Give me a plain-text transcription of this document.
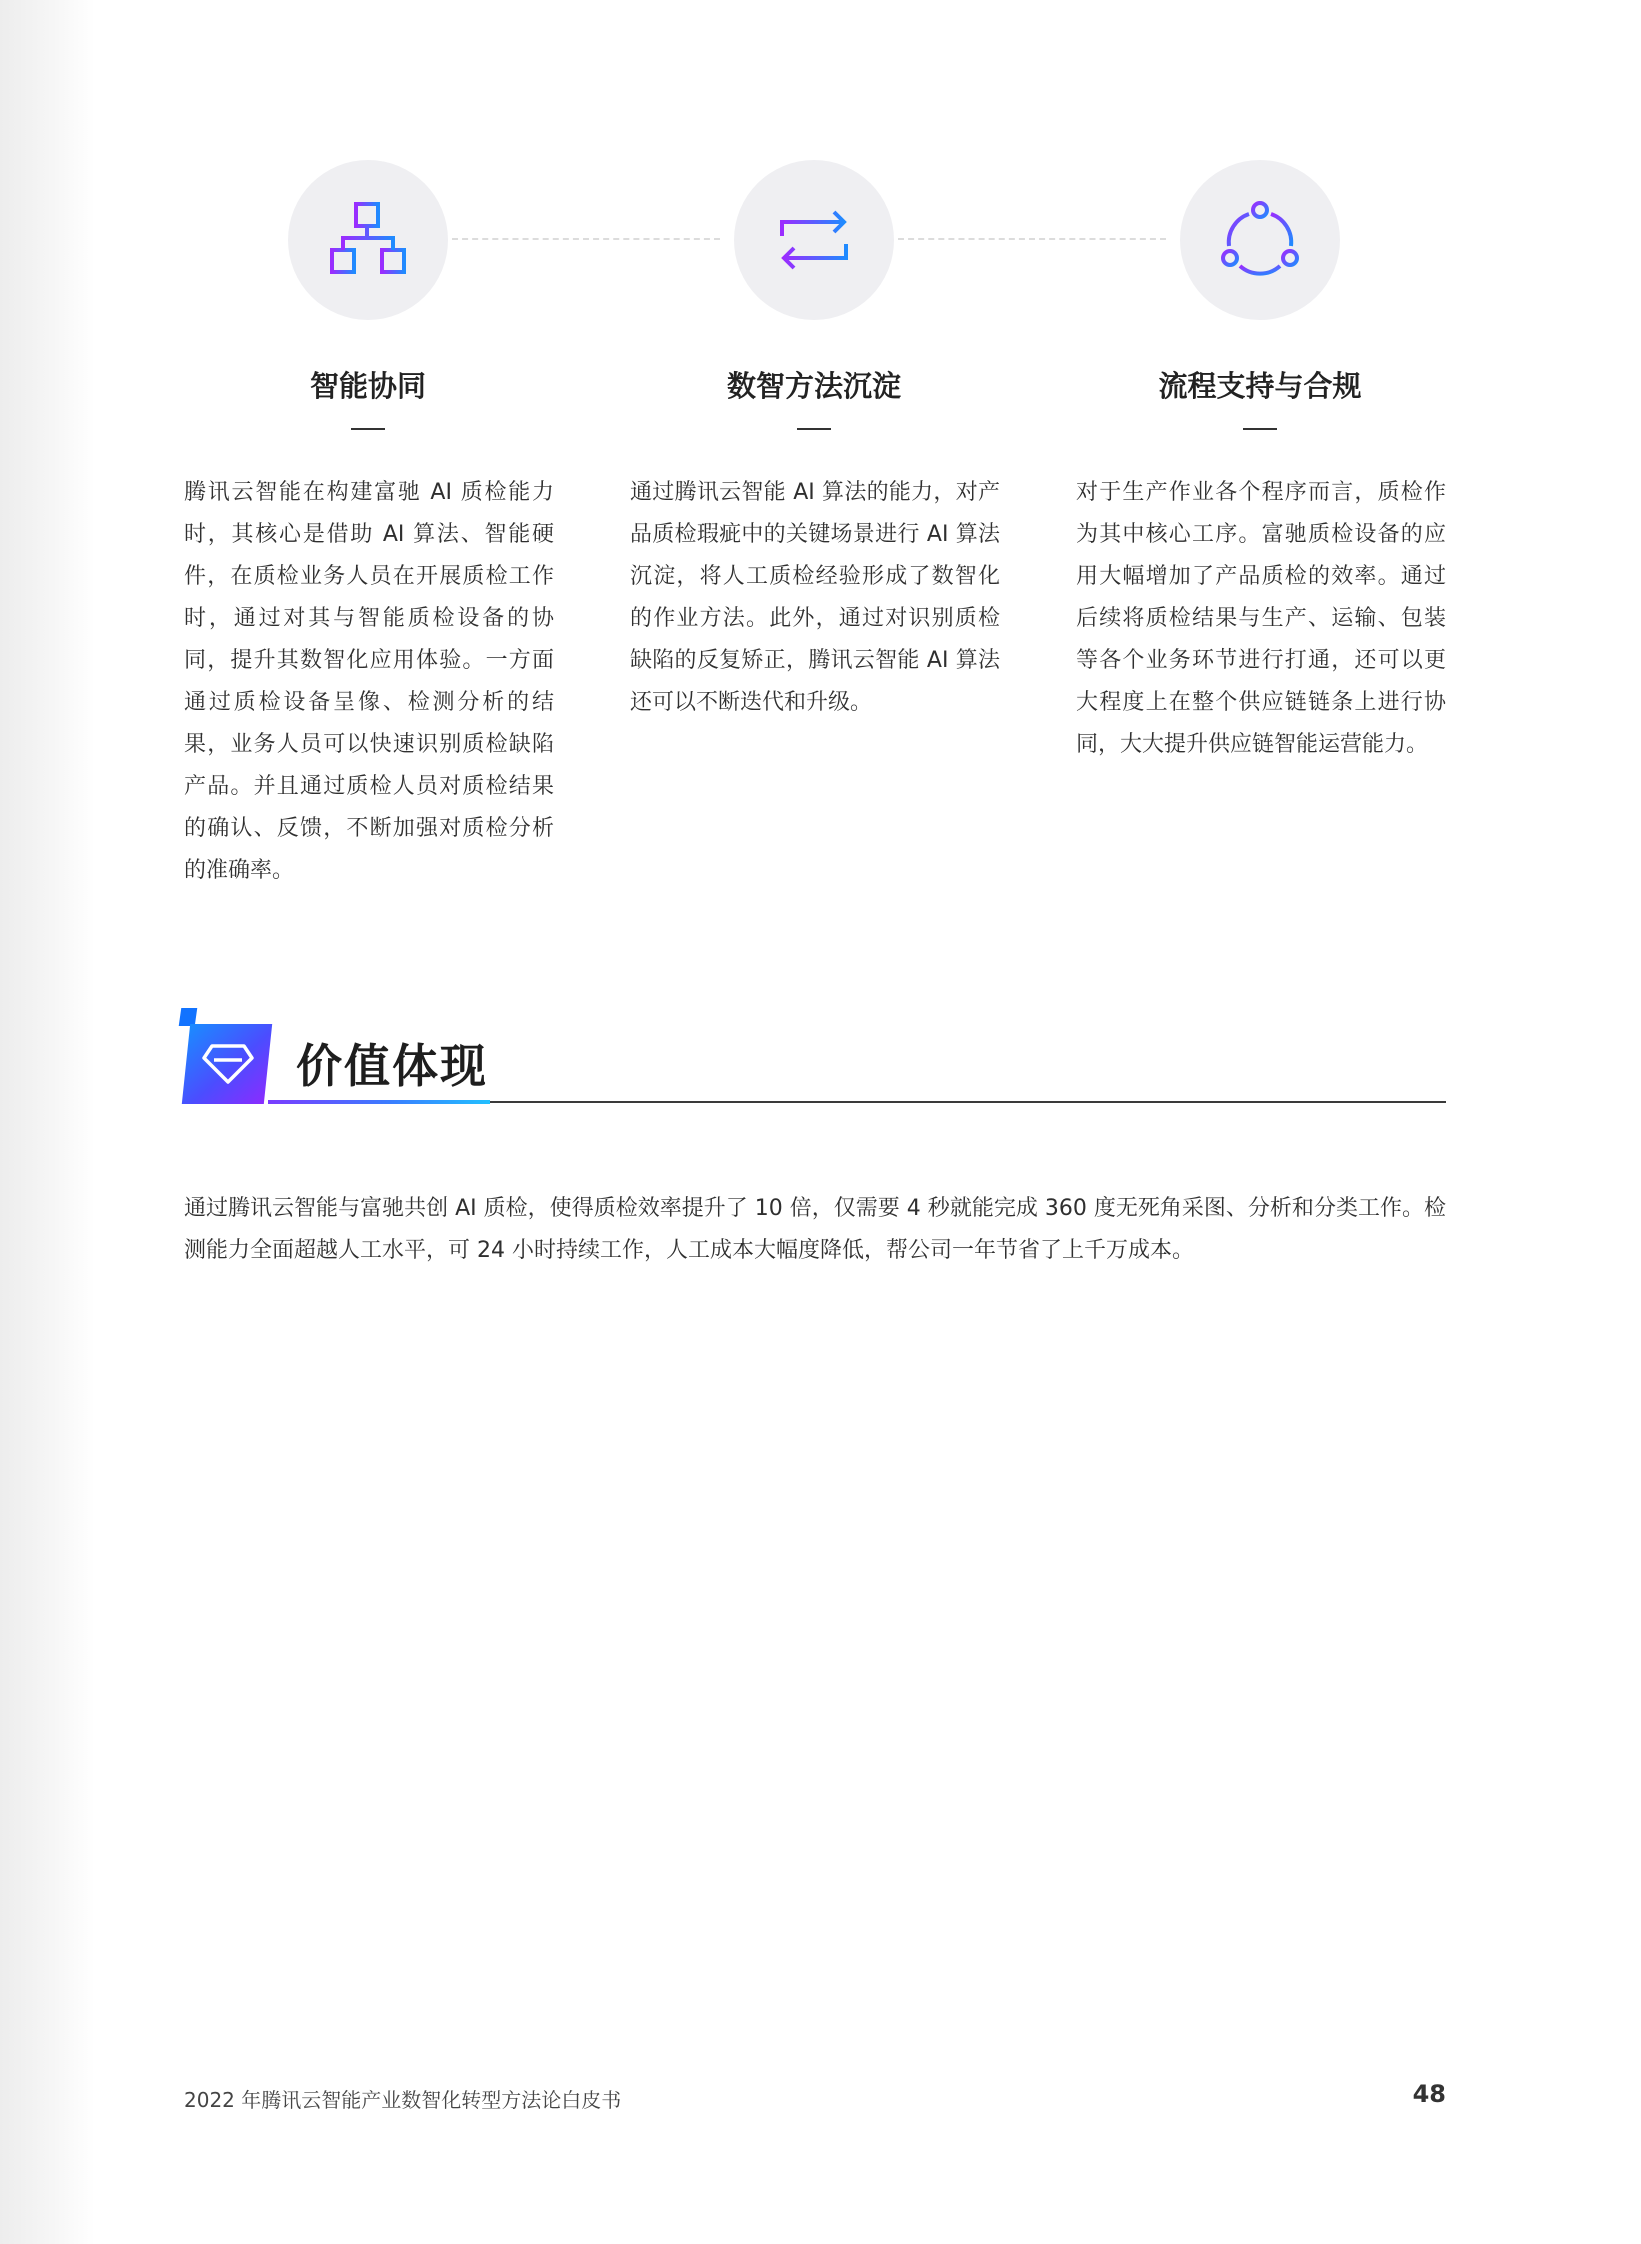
智能协同
腾讯云智能在构建富驰 AI 质检能力时，其核心是借助 AI 算法、智能硬件，在质检业务人员在开展质检工作时，通过对其与智能质检设备的协同，提升其数智化应用体验。一方面通过质检设备呈像、检测分析的结果，业务人员可以快速识别质检缺陷产品。并且通过质检人员对质检结果的确认、反馈，不断加强对质检分析的准确率。
数智方法沉淀
通过腾讯云智能 AI 算法的能力，对产品质检瑕疵中的关键场景进行 AI 算法沉淀，将人工质检经验形成了数智化的作业方法。此外，通过对识别质检缺陷的反复矫正，腾讯云智能 AI 算法还可以不断迭代和升级。
流程支持与合规
对于生产作业各个程序而言，质检作为其中核心工序。富驰质检设备的应用大幅增加了产品质检的效率。通过后续将质检结果与生产、运输、包装等各个业务环节进行打通，还可以更大程度上在整个供应链链条上进行协同，大大提升供应链智能运营能力。
价值体现
通过腾讯云智能与富驰共创 AI 质检，使得质检效率提升了 10 倍，仅需要 4 秒就能完成 360 度无死角采图、分析和分类工作。检测能力全面超越人工水平，可 24 小时持续工作，人工成本大幅度降低，帮公司一年节省了上千万成本。
2022 年腾讯云智能产业数智化转型方法论白皮书	48
